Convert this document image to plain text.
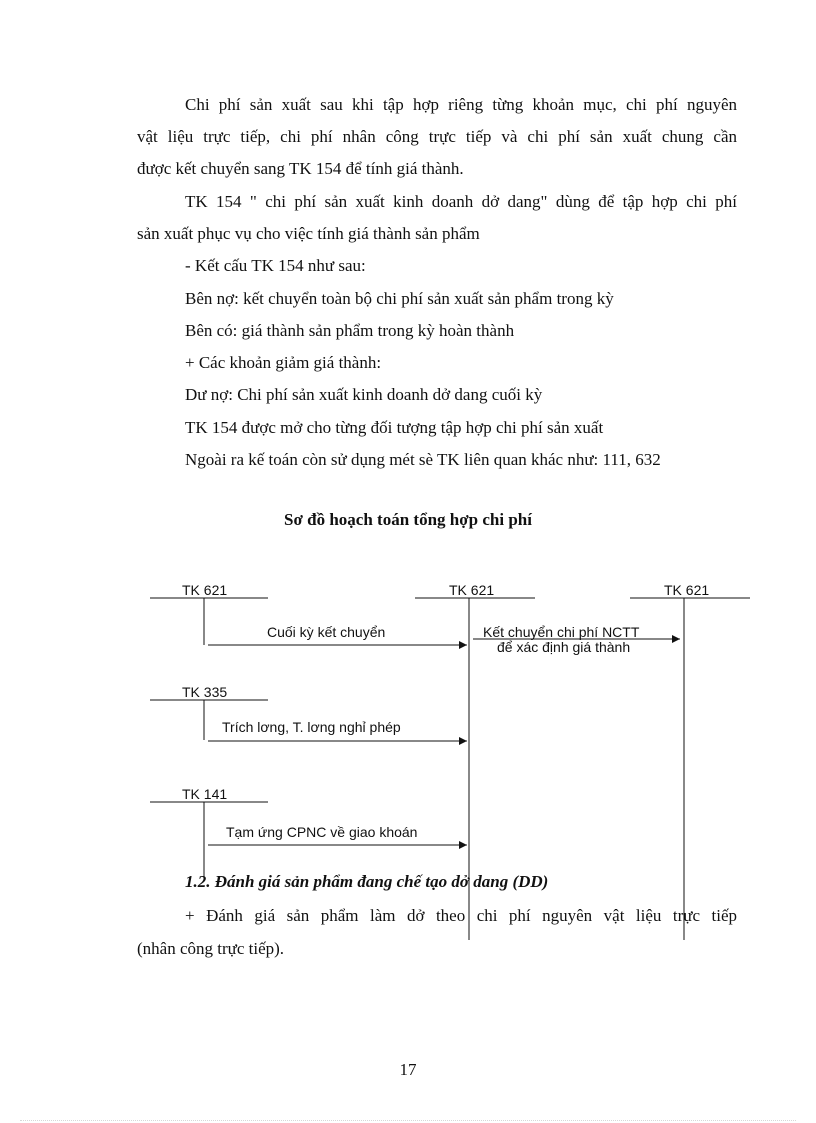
Chi phí sản xuất sau khi tập hợp riêng từng khoản mục, chi phí nguyên
vật liệu trực tiếp, chi phí nhân công trực tiếp và chi phí sản xuất chung cần
được kết chuyển sang TK 154 để tính giá thành.
TK 154 " chi phí sản xuất kinh doanh dở dang" dùng để tập hợp chi phí
sản xuất phục vụ cho việc tính giá thành sản phẩm
- Kết cấu TK 154 như sau:
Bên nợ: kết chuyển toàn bộ chi phí sản xuất sản phẩm trong kỳ
Bên có: giá thành sản phẩm trong kỳ hoàn thành
+ Các khoản giảm giá thành:
Dư nợ: Chi phí sản xuất kinh doanh dở dang cuối kỳ
TK 154 được mở cho từng đối tượng tập hợp chi phí sản xuất
Ngoài ra kế toán còn sử dụng mét sè TK liên quan khác như: 111, 632
Sơ đồ hoạch toán tổng hợp chi phí
TK 621	TK 621	TK 621
TK 335
TK 141
Cuối kỳ kết chuyển	Kết chuyển chi phí NCTT
để xác định giá thành
Trích lơng, T. lơng nghỉ phép
Tạm ứng CPNC về giao khoán
1.2. Đánh giá sản phẩm đang chế tạo dở dang (DD)
+ Đánh giá sản phẩm làm dở theo chi phí nguyên vật liệu trực tiếp
(nhân công trực tiếp).
17
